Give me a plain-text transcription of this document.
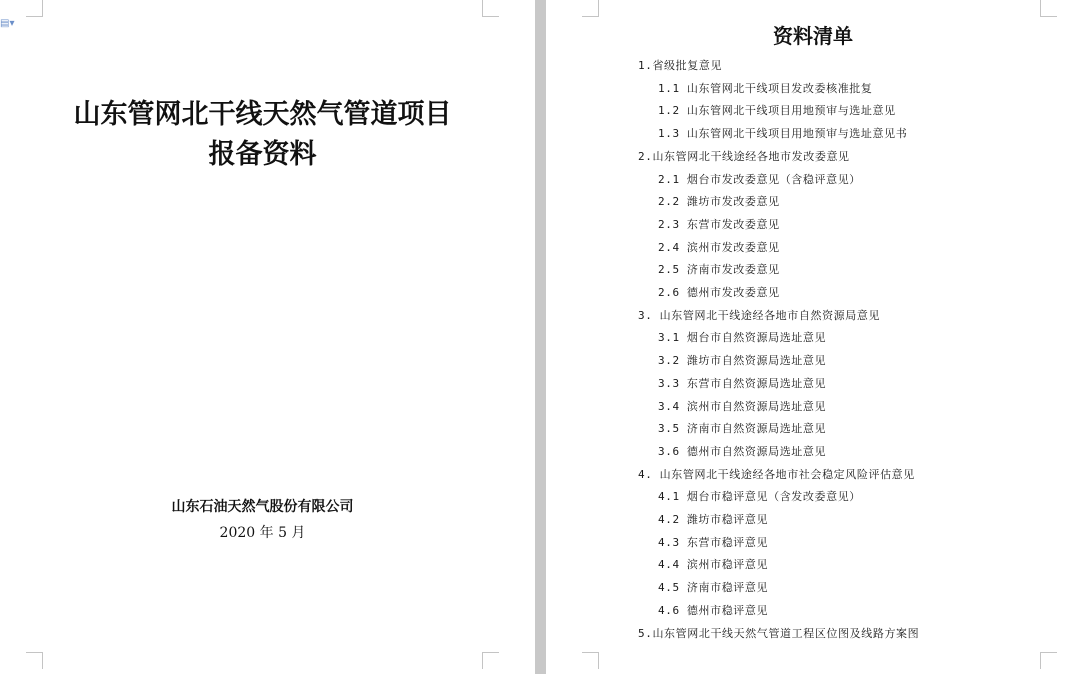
▤▾
山东管网北干线天然气管道项目
报备资料
山东石油天然气股份有限公司
2020 年 5 月
资料清单
1.省级批复意见
1.1 山东管网北干线项目发改委核准批复
1.2 山东管网北干线项目用地预审与选址意见
1.3 山东管网北干线项目用地预审与选址意见书
2.山东管网北干线途经各地市发改委意见
2.1 烟台市发改委意见（含稳评意见）
2.2 潍坊市发改委意见
2.3 东营市发改委意见
2.4 滨州市发改委意见
2.5 济南市发改委意见
2.6 德州市发改委意见
3. 山东管网北干线途经各地市自然资源局意见
3.1 烟台市自然资源局选址意见
3.2 潍坊市自然资源局选址意见
3.3 东营市自然资源局选址意见
3.4 滨州市自然资源局选址意见
3.5 济南市自然资源局选址意见
3.6 德州市自然资源局选址意见
4. 山东管网北干线途经各地市社会稳定风险评估意见
4.1 烟台市稳评意见（含发改委意见）
4.2 潍坊市稳评意见
4.3 东营市稳评意见
4.4 滨州市稳评意见
4.5 济南市稳评意见
4.6 德州市稳评意见
5.山东管网北干线天然气管道工程区位图及线路方案图
